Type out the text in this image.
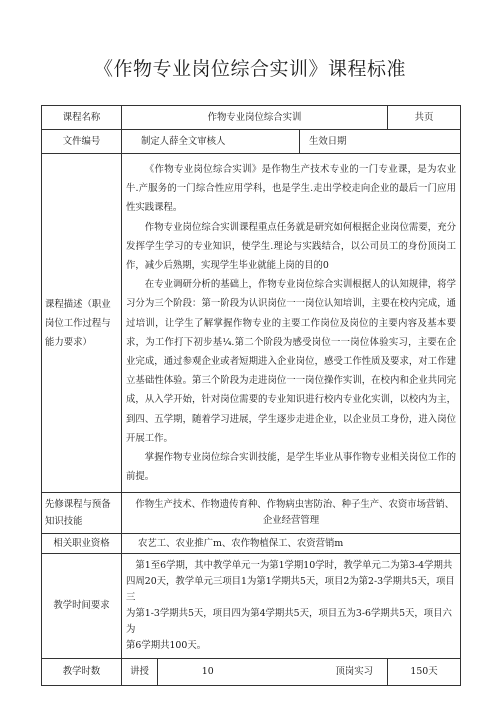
《作物专业岗位综合实训》课程标准
课程名称	作物专业岗位综合实训				共页
文件编号	制定人薛全文审核人			生效日期	
课程描述（职业岗位工作过程与能力要求）	《作物专业岗位综合实训》是作物生产技术专业的一门专业课，是为农业牛.产服务的一门综合性应用学科，也是学生.走出学校走向企业的最后一门应用性实践课程。

作物专业岗位综合实训课程重点任务就是研究如何根据企业岗位需要，充分发挥学生学习的专业知识，使学生.理论与实践结合，以公司员工的身份顶岗工作，减少后熟期，实现学生毕业就能上岗的目的0

在专业调研分析的基础上，作物专业岗位综合实训根据人的认知规律，将学习分为三个阶段：第一阶段为认识岗位一一岗位认知培训，主要在校内完成，通过培训，让学生了解掌握作物专业的主要工作岗位及岗位的主要内容及基本要求，为工作打下初步基¼.第二个阶段为感受岗位一一岗位体验实习，主要在企业完成，通过参观企业或者短期进入企业岗位，感受工作性质及要求，对工作建立基础性体验。第三个阶段为走进岗位一一岗位操作实训，在校内和企业共同完成，从入学开始，针对岗位需要的专业知识进行校内专业化实训，以校内为主，到四、五学期，随着学习进展，学生逐步走进企业，以企业员工身份，进入岗位开展工作。

掌握作物专业岗位综合实训技能，是学生毕业从事作物专业相关岗位工作的前提。				

先修课程与预备知识技能	作物生产技术、作物遗传育种、作物病虫害防治、种子生产、农资市场营销、
企业经营管理				

相关职业资格	农艺工、农业推广m、农作物植保工、农资营销m				
教学时间要求	第1至6学期，其中教学单元一为第1学期10学时，教学单元二为第3-4学期共
四周20天，教学单元三项目1为第1学期共5天，项目2为第2-3学期共5天，项目三
为第1-3学期共5天，项目四为第4学期共5天，项目五为3-6学期共5天，项目六为
第6学期共100天。				

教学时数	讲授	10	顶岗实习		150天
